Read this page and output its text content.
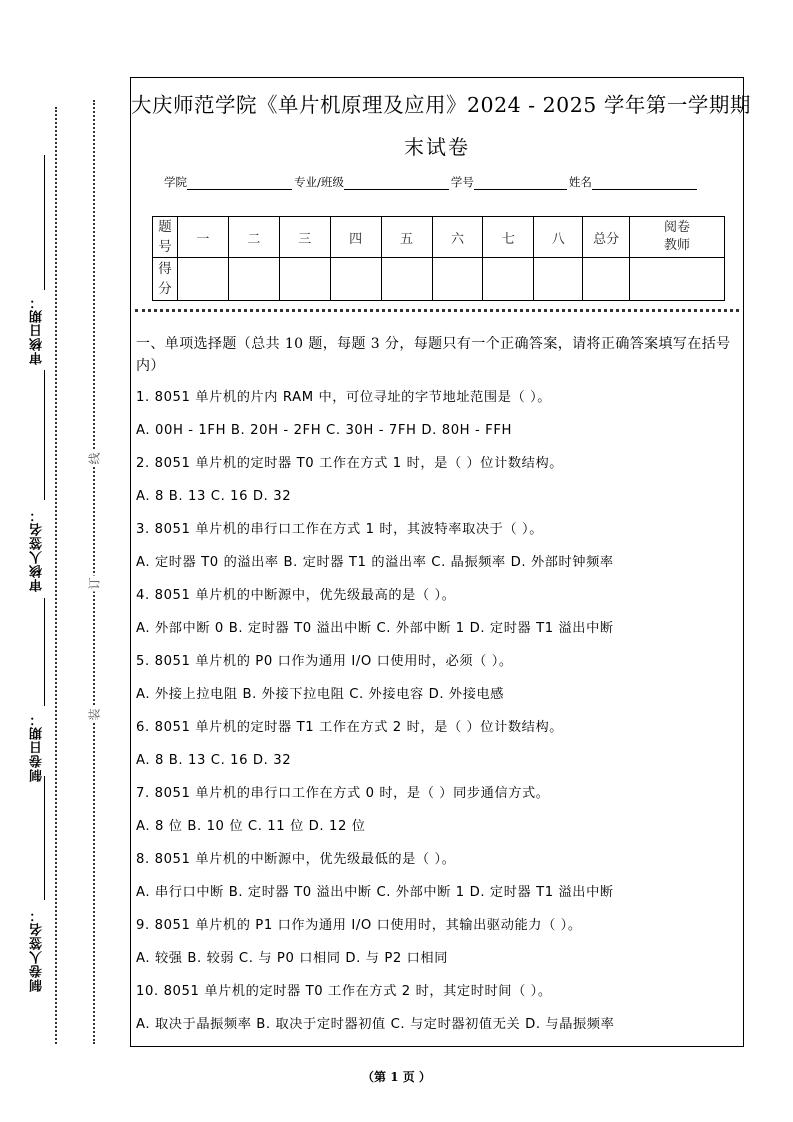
审核日期：
审核人签名：
制卷日期：
制卷人签名：
线
订
装
大庆师范学院《单片机原理及应用》2024 - 2025 学年第一学期期
末试卷
学院	专业/班级	学号	姓名
题号	一	二	三	四	五	六	七	八	总分	阅卷教师

得分										

一、单项选择题（总共 10 题，每题 3 分，每题只有一个正确答案，请将正确答案填写在括号内）
1. 8051 单片机的片内 RAM 中，可位寻址的字节地址范围是（ ）。
A. 00H - 1FH B. 20H - 2FH C. 30H - 7FH D. 80H - FFH
2. 8051 单片机的定时器 T0 工作在方式 1 时，是（ ）位计数结构。
A. 8 B. 13 C. 16 D. 32
3. 8051 单片机的串行口工作在方式 1 时，其波特率取决于（ ）。
A. 定时器 T0 的溢出率 B. 定时器 T1 的溢出率 C. 晶振频率 D. 外部时钟频率
4. 8051 单片机的中断源中，优先级最高的是（ ）。
A. 外部中断 0 B. 定时器 T0 溢出中断 C. 外部中断 1 D. 定时器 T1 溢出中断
5. 8051 单片机的 P0 口作为通用 I/O 口使用时，必须（ ）。
A. 外接上拉电阻 B. 外接下拉电阻 C. 外接电容 D. 外接电感
6. 8051 单片机的定时器 T1 工作在方式 2 时，是（ ）位计数结构。
A. 8 B. 13 C. 16 D. 32
7. 8051 单片机的串行口工作在方式 0 时，是（ ）同步通信方式。
A. 8 位 B. 10 位 C. 11 位 D. 12 位
8. 8051 单片机的中断源中，优先级最低的是（ ）。
A. 串行口中断 B. 定时器 T0 溢出中断 C. 外部中断 1 D. 定时器 T1 溢出中断
9. 8051 单片机的 P1 口作为通用 I/O 口使用时，其输出驱动能力（ ）。
A. 较强 B. 较弱 C. 与 P0 口相同 D. 与 P2 口相同
10. 8051 单片机的定时器 T0 工作在方式 2 时，其定时时间（ ）。
A. 取决于晶振频率 B. 取决于定时器初值 C. 与定时器初值无关 D. 与晶振频率
（第 1 页 ）
